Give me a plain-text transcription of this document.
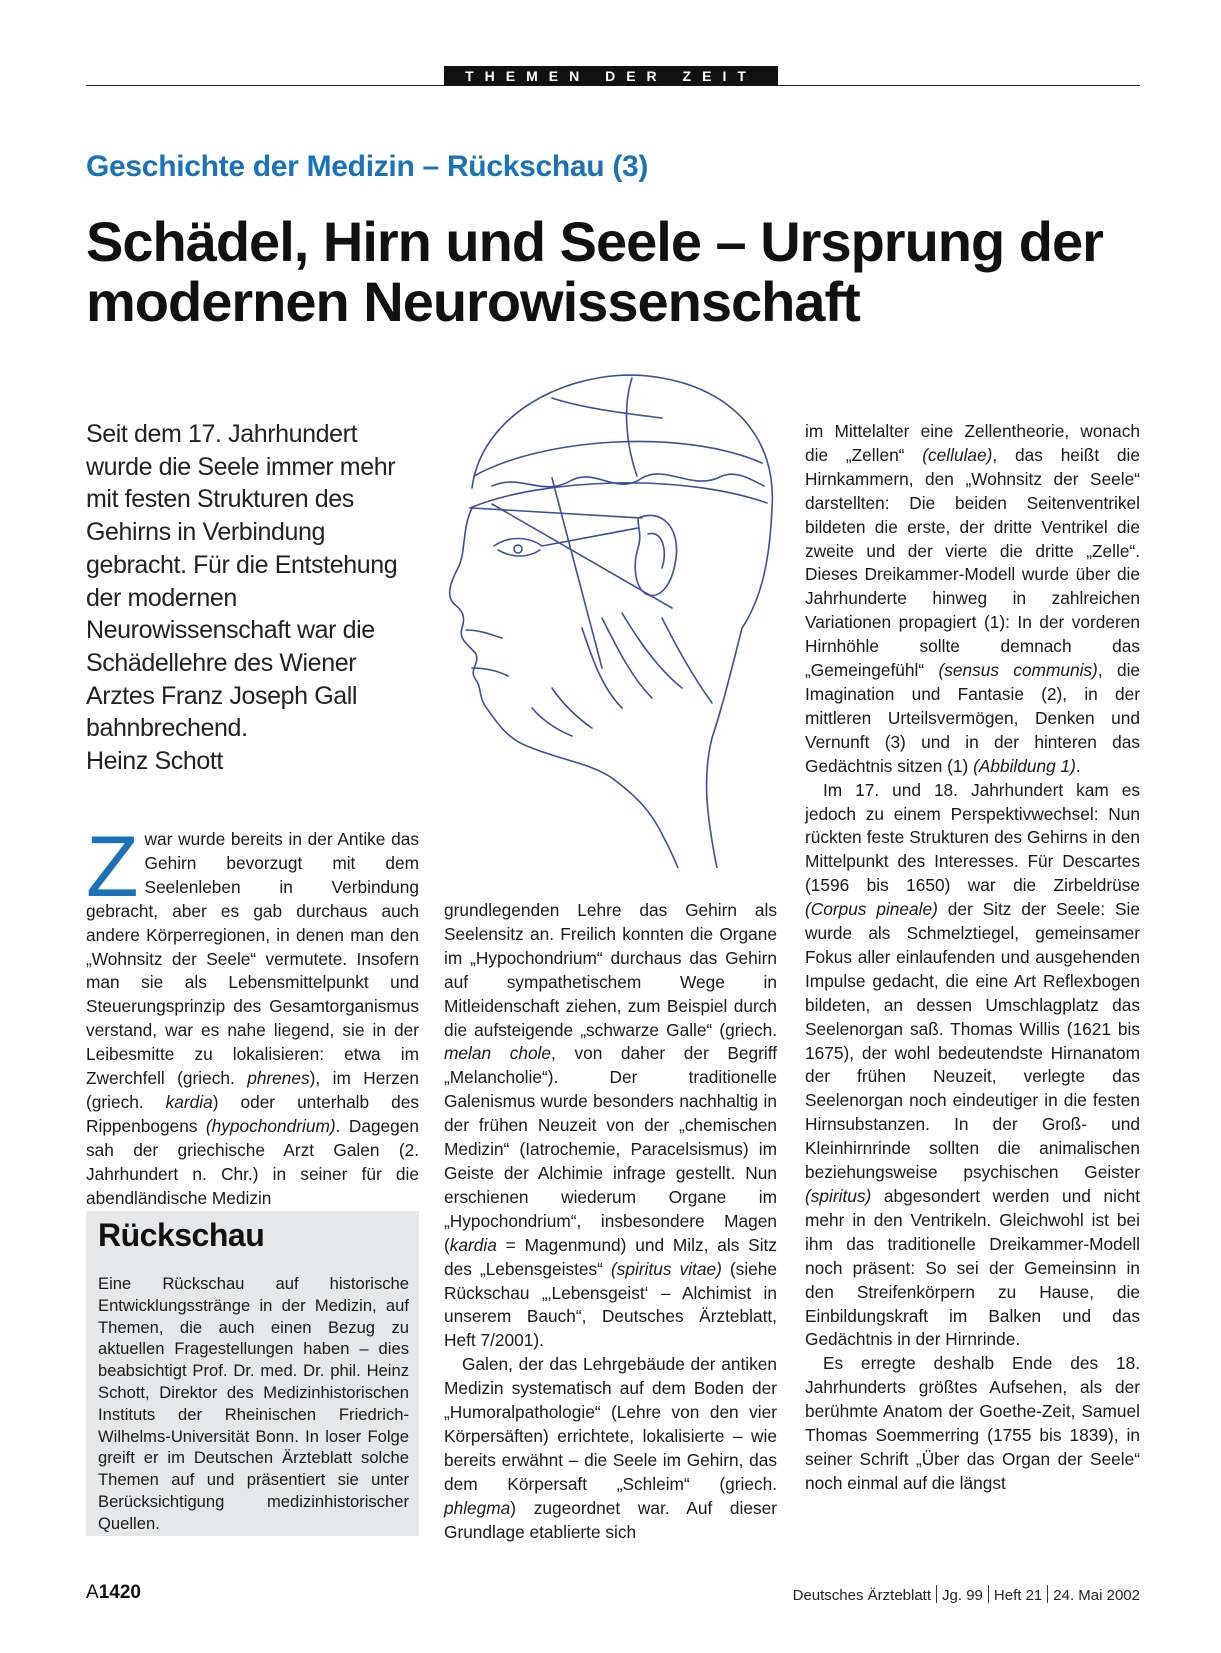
THEMEN DER ZEIT
Geschichte der Medizin – Rückschau (3)
Schädel, Hirn und Seele – Ursprung der modernen Neurowissenschaft

Seit dem 17. Jahrhundert wurde die Seele immer mehr mit festen Strukturen des Gehirns in Verbindung gebracht. Für die Entstehung der modernen Neurowissenschaft war die Schädellehre des Wiener Arztes Franz Joseph Gall bahnbrechend.

Heinz Schott
Z war wurde bereits in der Antike das Gehirn bevorzugt mit dem Seelenleben in Verbindung gebracht, aber es gab durchaus auch andere Körperregionen, in denen man den „Wohnsitz der Seele“ vermutete. Insofern man sie als Lebensmittelpunkt und Steuerungsprinzip des Gesamtorganismus verstand, war es nahe liegend, sie in der Leibesmitte zu lokalisieren: etwa im Zwerchfell (griech. phrenes), im Herzen (griech. kardia) oder unterhalb des Rippenbogens (hypochondrium). Dagegen sah der griechische Arzt Galen (2. Jahrhundert n. Chr.) in seiner für die abendländische Medizin
Rückschau

Eine Rückschau auf historische Entwicklungsstränge in der Medizin, auf Themen, die auch einen Bezug zu aktuellen Fragestellungen haben – dies beabsichtigt Prof. Dr. med. Dr. phil. Heinz Schott, Direktor des Medizinhistorischen Instituts der Rheinischen Friedrich-Wilhelms-Universität Bonn. In loser Folge greift er im Deutschen Ärzteblatt solche Themen auf und präsentiert sie unter Berücksichtigung medizinhistorischer Quellen.

grundlegenden Lehre das Gehirn als Seelensitz an. Freilich konnten die Organe im „Hypochondrium“ durchaus das Gehirn auf sympathetischem Wege in Mitleidenschaft ziehen, zum Beispiel durch die aufsteigende „schwarze Galle“ (griech. melan chole, von daher der Begriff „Melancholie“). Der traditionelle Galenismus wurde besonders nachhaltig in der frühen Neuzeit von der „chemischen Medizin“ (Iatrochemie, Paracelsismus) im Geiste der Alchimie infrage gestellt. Nun erschienen wiederum Organe im „Hypochondrium“, insbesondere Magen (kardia = Magenmund) und Milz, als Sitz des „Lebensgeistes“ (spiritus vitae) (siehe Rückschau „‚Lebensgeist‘ – Alchimist in unserem Bauch“, Deutsches Ärzteblatt, Heft 7/2001).

Galen, der das Lehrgebäude der antiken Medizin systematisch auf dem Boden der „Humoralpathologie“ (Lehre von den vier Körpersäften) errichtete, lokalisierte – wie bereits erwähnt – die Seele im Gehirn, das dem Körpersaft „Schleim“ (griech. phlegma) zugeordnet war. Auf dieser Grundlage etablierte sich

im Mittelalter eine Zellentheorie, wonach die „Zellen“ (cellulae), das heißt die Hirnkammern, den „Wohnsitz der Seele“ darstellten: Die beiden Seitenventrikel bildeten die erste, der dritte Ventrikel die zweite und der vierte die dritte „Zelle“. Dieses Dreikammer-Modell wurde über die Jahrhunderte hinweg in zahlreichen Variationen propagiert (1): In der vorderen Hirnhöhle sollte demnach das „Gemeingefühl“ (sensus communis), die Imagination und Fantasie (2), in der mittleren Urteilsvermögen, Denken und Vernunft (3) und in der hinteren das Gedächtnis sitzen (1) (Abbildung 1).

Im 17. und 18. Jahrhundert kam es jedoch zu einem Perspektivwechsel: Nun rückten feste Strukturen des Gehirns in den Mittelpunkt des Interesses. Für Descartes (1596 bis 1650) war die Zirbeldrüse (Corpus pineale) der Sitz der Seele: Sie wurde als Schmelztiegel, gemeinsamer Fokus aller einlaufenden und ausgehenden Impulse gedacht, die eine Art Reflexbogen bildeten, an dessen Umschlagplatz das Seelenorgan saß. Thomas Willis (1621 bis 1675), der wohl bedeutendste Hirnanatom der frühen Neuzeit, verlegte das Seelenorgan noch eindeutiger in die festen Hirnsubstanzen. In der Groß- und Kleinhirnrinde sollten die animalischen beziehungsweise psychischen Geister (spiritus) abgesondert werden und nicht mehr in den Ventrikeln. Gleichwohl ist bei ihm das traditionelle Dreikammer-Modell noch präsent: So sei der Gemeinsinn in den Streifenkörpern zu Hause, die Einbildungskraft im Balken und das Gedächtnis in der Hirnrinde.

Es erregte deshalb Ende des 18. Jahrhunderts größtes Aufsehen, als der berühmte Anatom der Goethe-Zeit, Samuel Thomas Soemmerring (1755 bis 1839), in seiner Schrift „Über das Organ der Seele“ noch einmal auf die längst

A1420	Deutsches Ärzteblatt Jg. 99 Heft 21 24. Mai 2002
